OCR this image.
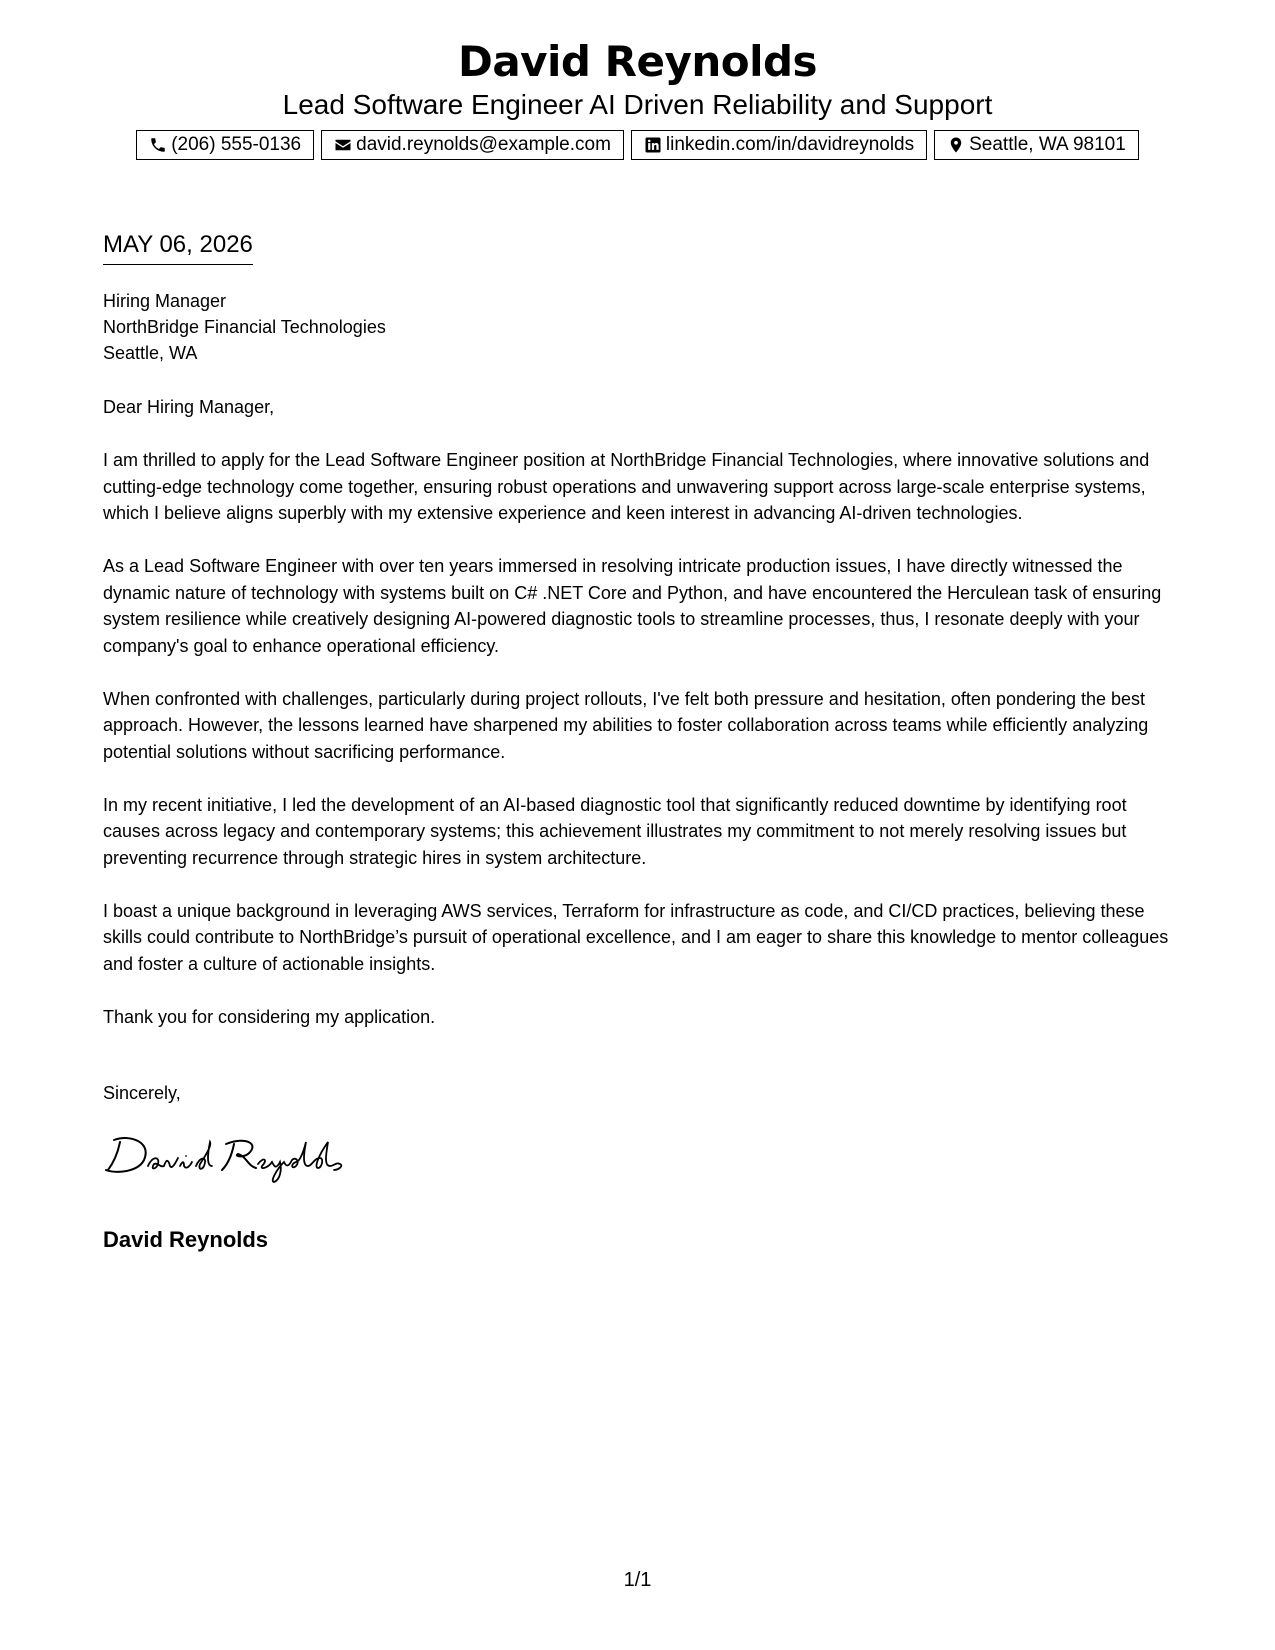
David Reynolds
Lead Software Engineer AI Driven Reliability and Support
(206) 555-0136	david.reynolds@example.com	linkedin.com/in/davidreynolds	Seattle, WA 98101
MAY 06, 2026
Hiring Manager
NorthBridge Financial Technologies
Seattle, WA

Dear Hiring Manager,

I am thrilled to apply for the Lead Software Engineer position at NorthBridge Financial Technologies, where innovative solutions and cutting-edge technology come together, ensuring robust operations and unwavering support across large-scale enterprise systems, which I believe aligns superbly with my extensive experience and keen interest in advancing AI-driven technologies.

As a Lead Software Engineer with over ten years immersed in resolving intricate production issues, I have directly witnessed the dynamic nature of technology with systems built on C# .NET Core and Python, and have encountered the Herculean task of ensuring system resilience while creatively designing AI-powered diagnostic tools to streamline processes, thus, I resonate deeply with your company's goal to enhance operational efficiency.

When confronted with challenges, particularly during project rollouts, I've felt both pressure and hesitation, often pondering the best approach. However, the lessons learned have sharpened my abilities to foster collaboration across teams while efficiently analyzing potential solutions without sacrificing performance.

In my recent initiative, I led the development of an AI-based diagnostic tool that significantly reduced downtime by identifying root causes across legacy and contemporary systems; this achievement illustrates my commitment to not merely resolving issues but preventing recurrence through strategic hires in system architecture.

I boast a unique background in leveraging AWS services, Terraform for infrastructure as code, and CI/CD practices, believing these skills could contribute to NorthBridge’s pursuit of operational excellence, and I am eager to share this knowledge to mentor colleagues and foster a culture of actionable insights.

Thank you for considering my application.

Sincerely,
David Reynolds
1/1
